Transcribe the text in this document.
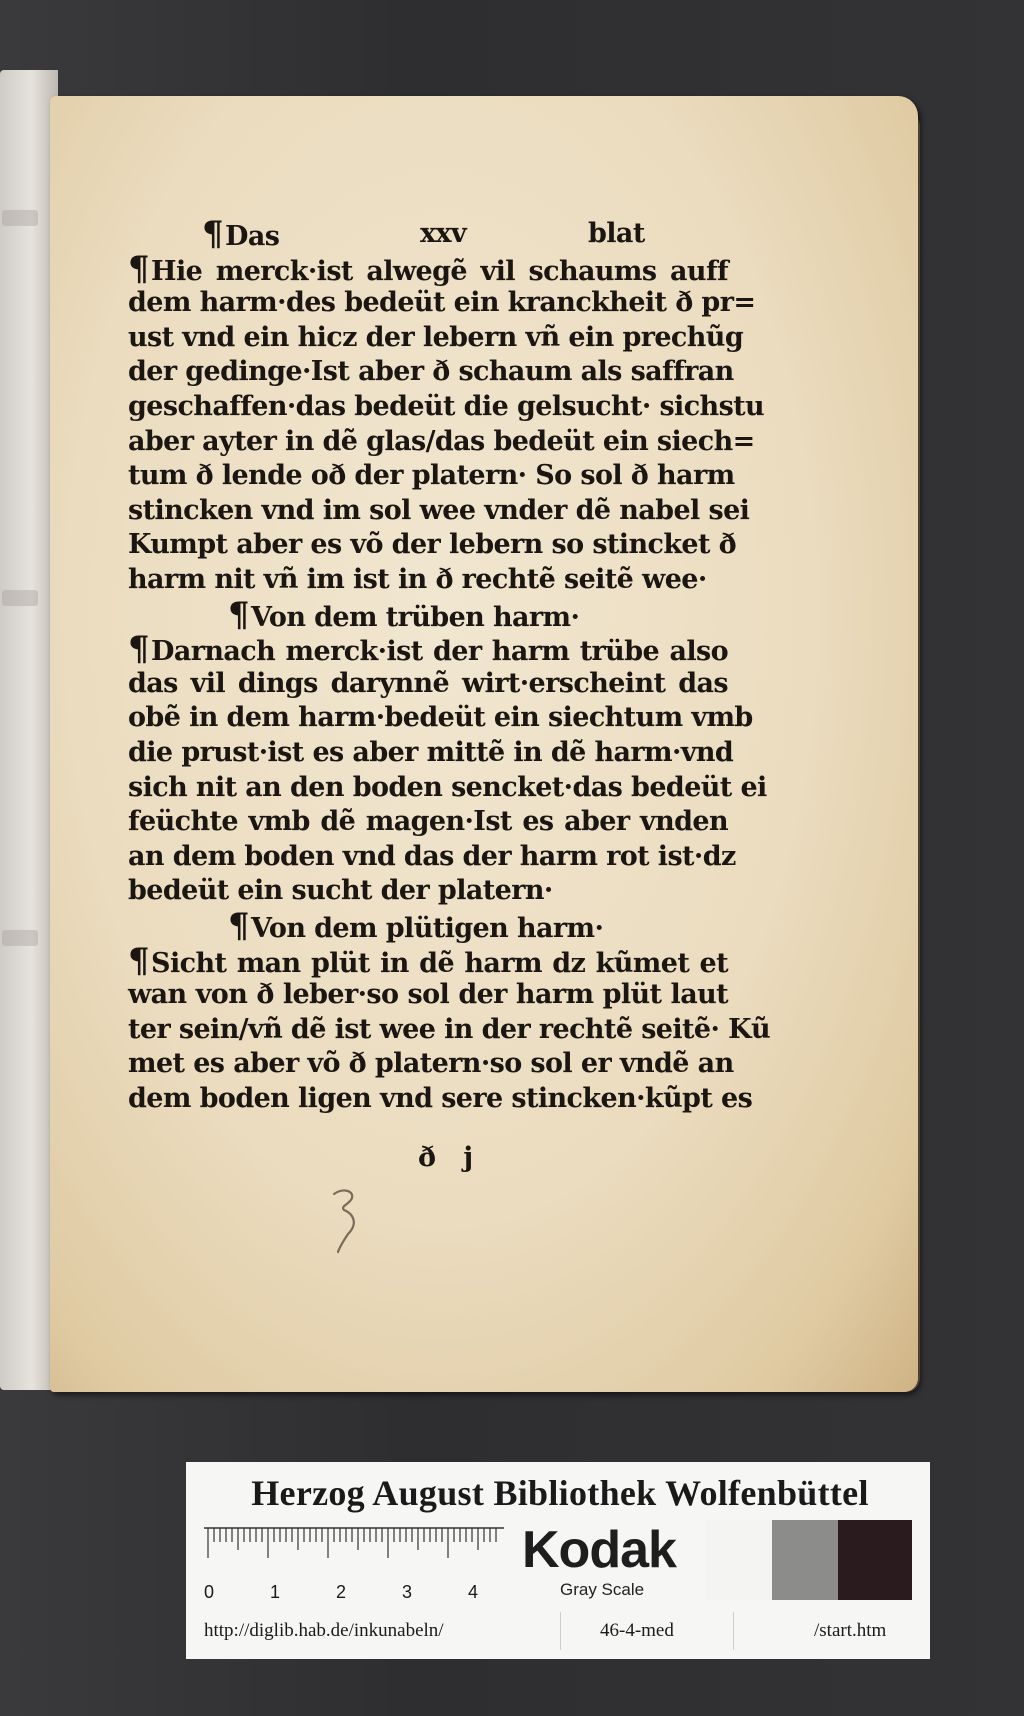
¶Das	xxv	blat
¶Hie merck·ist alwegẽ vil schaums auff
dem harm·des bedeüt ein kranckheit ð pr=
ust vnd ein hicz der lebern vñ ein prechũg
der gedinge·Ist aber ð schaum als saffran
geschaffen·das bedeüt die gelsucht· sichstu
aber ayter in dẽ glas/das bedeüt ein siech=
tum ð lende oð der platern· So sol ð harm
stincken vnd im sol wee vnder dẽ nabel sei
Kumpt aber es võ der lebern so stincket ð
harm nit vñ im ist in ð rechtẽ seitẽ wee·
¶Von dem trüben harm·
¶Darnach merck·ist der harm trübe also
das vil dings darynnẽ wirt·erscheint das
obẽ in dem harm·bedeüt ein siechtum vmb
die prust·ist es aber mittẽ in dẽ harm·vnd
sich nit an den boden sencket·das bedeüt ei
feüchte vmb dẽ magen·Ist es aber vnden
an dem boden vnd das der harm rot ist·dz
bedeüt ein sucht der platern·
¶Von dem plütigen harm·
¶Sicht man plüt in dẽ harm dz kũmet et
wan von ð leber·so sol der harm plüt laut
ter sein/vñ dẽ ist wee in der rechtẽ seitẽ· Kũ
met es aber võ ð platern·so sol er vndẽ an
dem boden ligen vnd sere stincken·kũpt es
ð j
Herzog August Bibliothek Wolfenbüttel
0	1	2	3	4
Kodak
Gray Scale
http://diglib.hab.de/inkunabeln/	46-4-med	/start.htm
